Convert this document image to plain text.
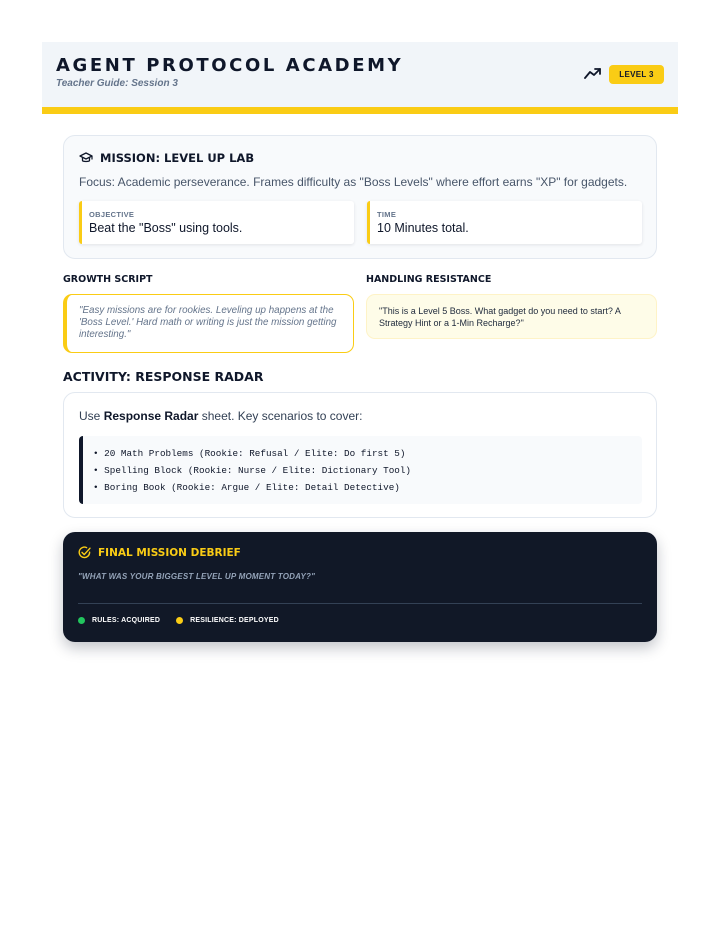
AGENT PROTOCOL ACADEMY
Teacher Guide: Session 3
LEVEL 3
MISSION: LEVEL UP LAB
Focus: Academic perseverance. Frames difficulty as "Boss Levels" where effort earns "XP" for gadgets.
OBJECTIVE
Beat the "Boss" using tools.
TIME
10 Minutes total.
GROWTH SCRIPT	HANDLING RESISTANCE
"Easy missions are for rookies. Leveling up happens at the 'Boss Level.' Hard math or writing is just the mission getting interesting."
"This is a Level 5 Boss. What gadget do you need to start? A Strategy Hint or a 1-Min Recharge?"
ACTIVITY: RESPONSE RADAR
Use Response Radar sheet. Key scenarios to cover:
• 20 Math Problems (Rookie: Refusal / Elite: Do first 5)
• Spelling Block (Rookie: Nurse / Elite: Dictionary Tool)
• Boring Book (Rookie: Argue / Elite: Detail Detective)
FINAL MISSION DEBRIEF
"WHAT WAS YOUR BIGGEST LEVEL UP MOMENT TODAY?"
RULES: ACQUIRED	RESILIENCE: DEPLOYED
